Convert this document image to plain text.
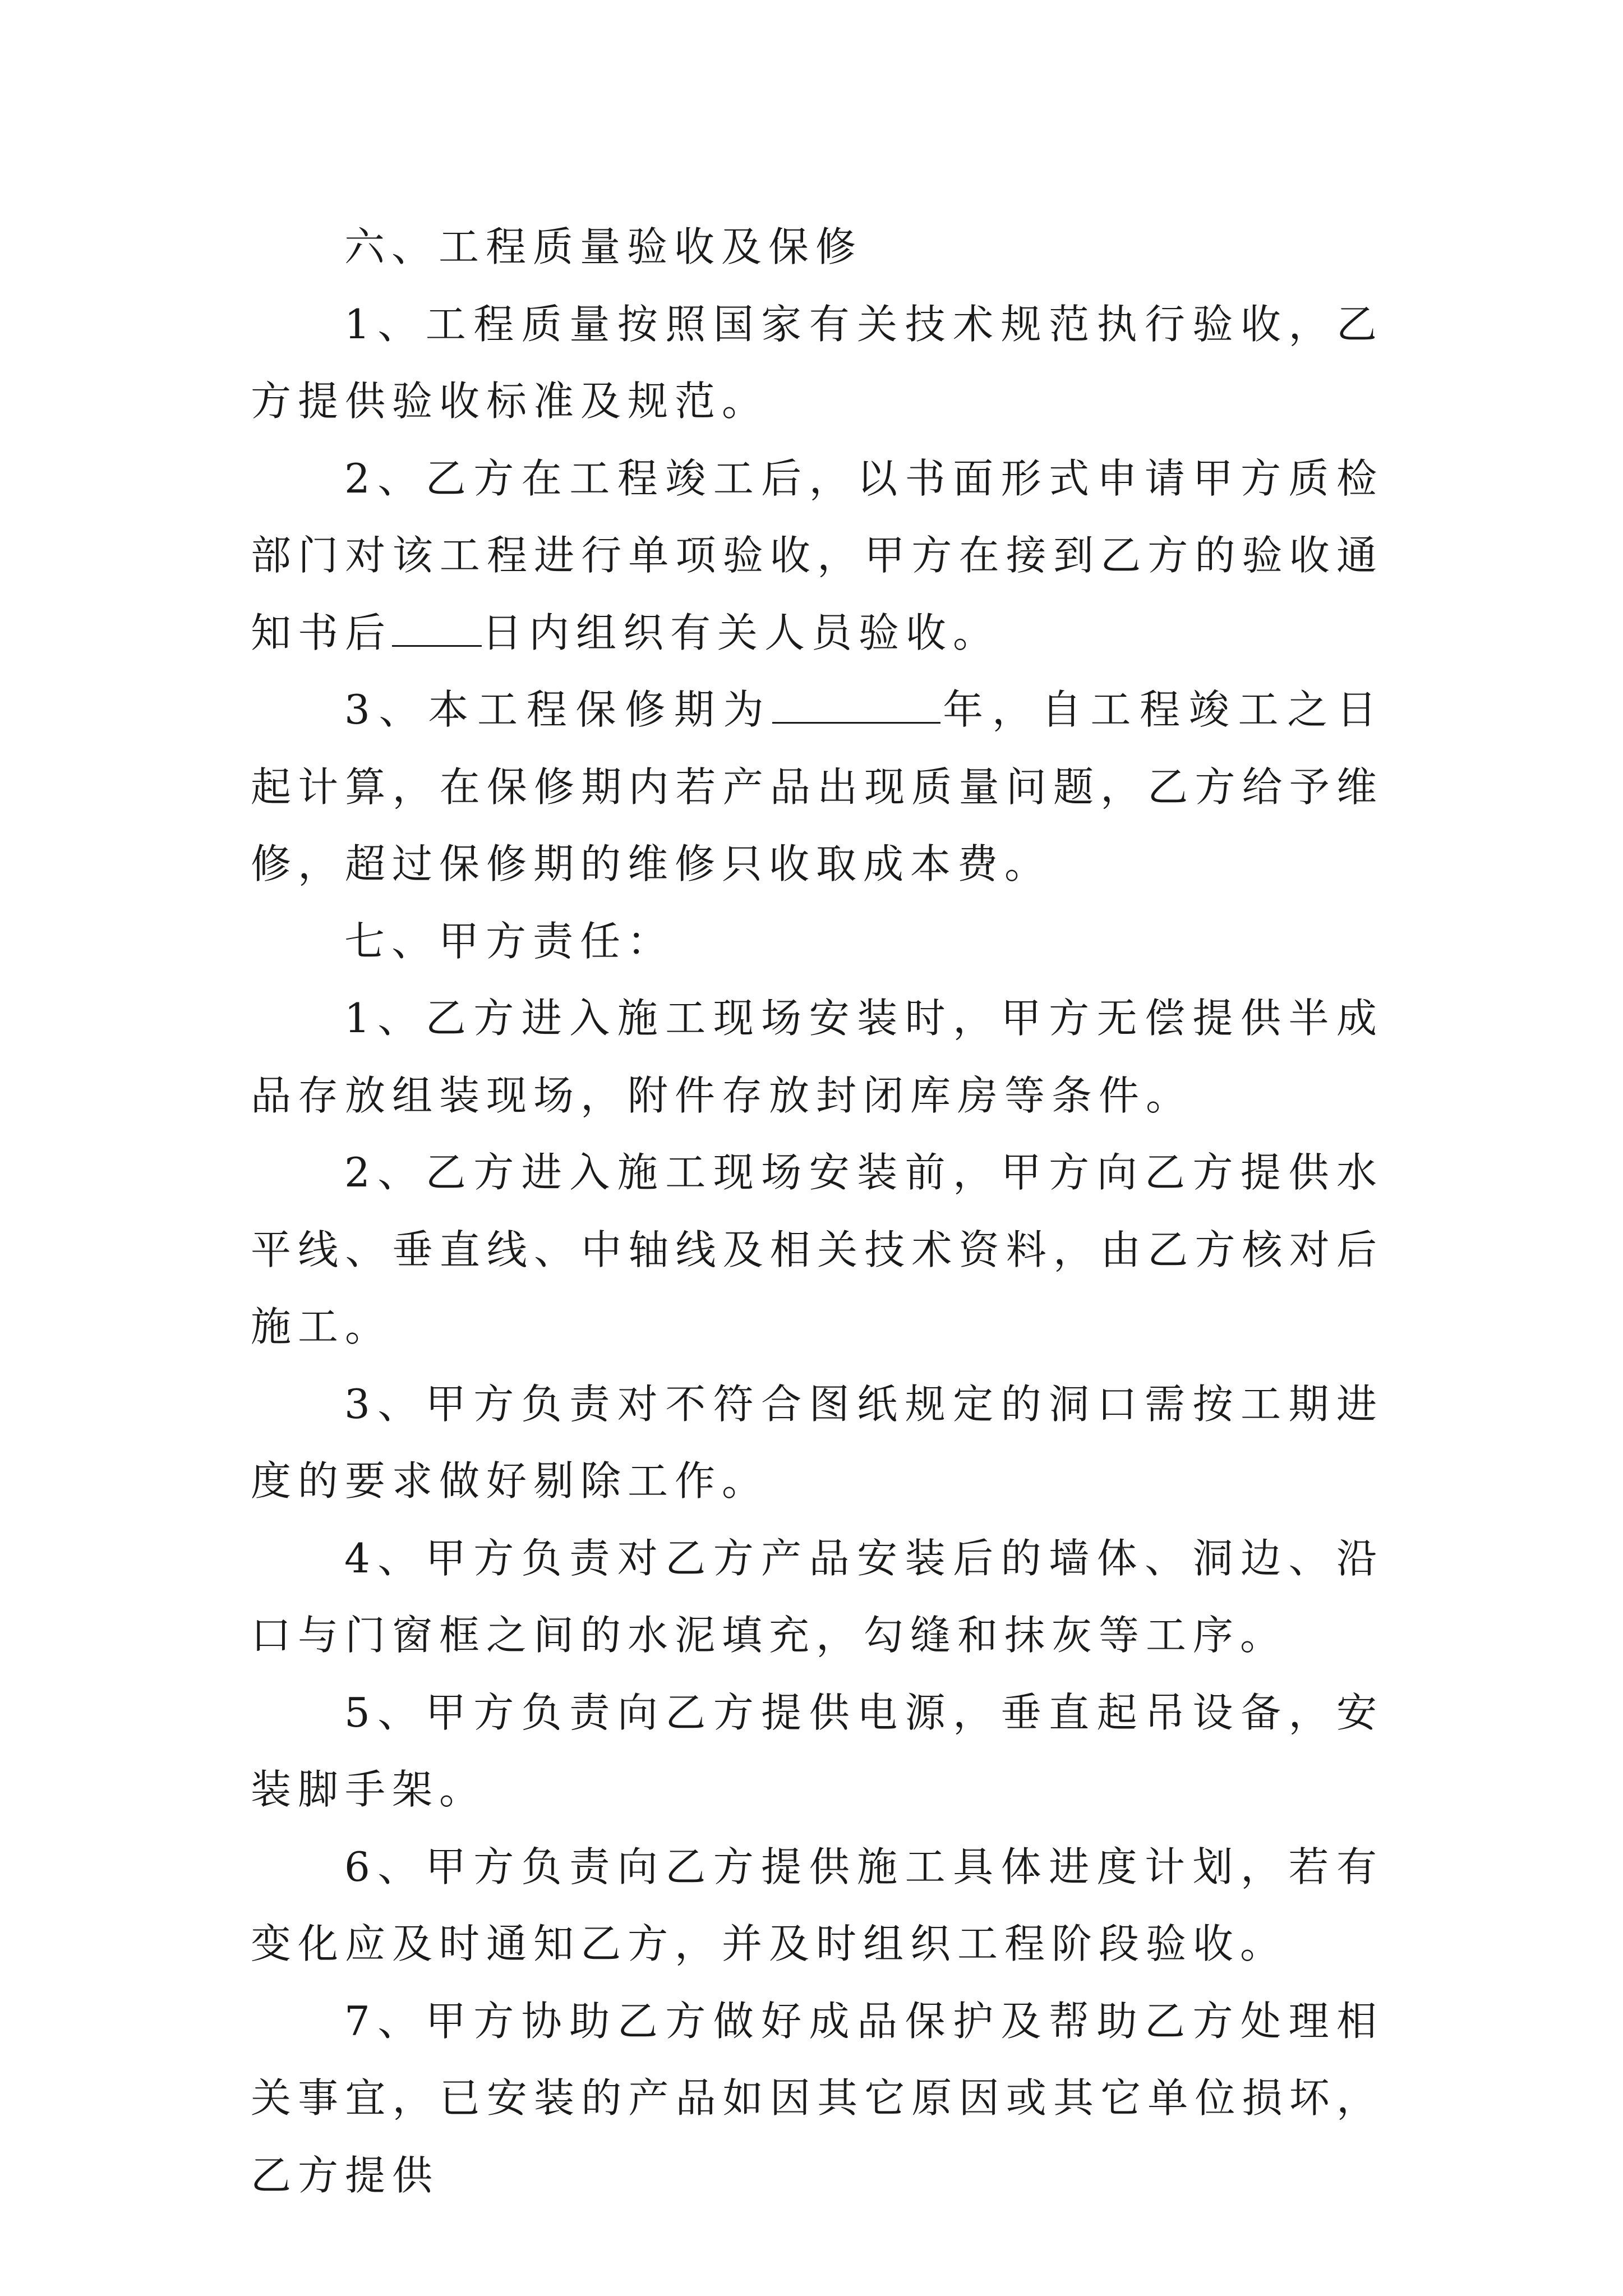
六、工程质量验收及保修

1、工程质量按照国家有关技术规范执行验收，乙方提供验收标准及规范。

2、乙方在工程竣工后，以书面形式申请甲方质检部门对该工程进行单项验收，甲方在接到乙方的验收通知书后 日内组织有关人员验收。

3、本工程保修期为	年，自工程竣工之日起计算，在保修期内若产品出现质量问题，乙方给予维修，超过保修期的维修只收取成本费。

七、甲方责任：

1、乙方进入施工现场安装时，甲方无偿提供半成品存放组装现场，附件存放封闭库房等条件。

2、乙方进入施工现场安装前，甲方向乙方提供水平线、垂直线、中轴线及相关技术资料，由乙方核对后施工。

3、甲方负责对不符合图纸规定的洞口需按工期进度的要求做好剔除工作。

4、甲方负责对乙方产品安装后的墙体、洞边、沿口与门窗框之间的水泥填充，勾缝和抹灰等工序。

5、甲方负责向乙方提供电源，垂直起吊设备，安装脚手架。

6、甲方负责向乙方提供施工具体进度计划，若有变化应及时通知乙方，并及时组织工程阶段验收。

7、甲方协助乙方做好成品保护及帮助乙方处理相关事宜，已安装的产品如因其它原因或其它单位损坏，乙方提供
